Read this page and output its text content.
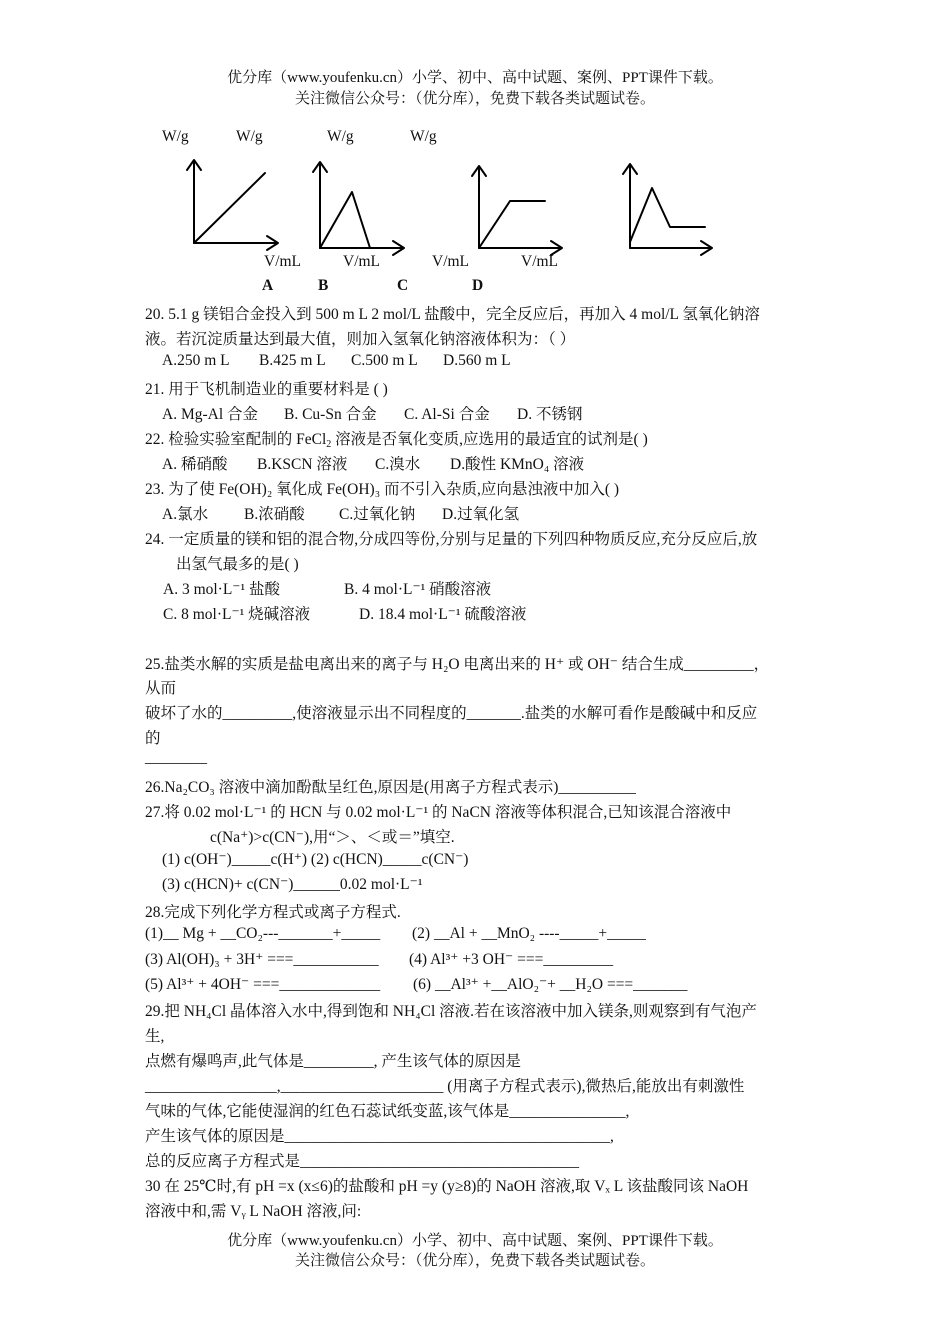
优分库（www.youfenku.cn）小学、初中、高中试题、案例、PPT课件下载。
关注微信公众号：（优分库），免费下载各类试题试卷。
W/g	W/g	W/g	W/g
V/mL	V/mL	V/mL	V/mL
A	B	C	D
20. 5.1 g 镁铝合金投入到 500 m L 2 mol/L 盐酸中，完全反应后，再加入 4 mol/L 氢氧化钠溶
液。若沉淀质量达到最大值，则加入氢氧化钠溶液体积为：（ ）
A.250 m L B.425 m L C.500 m L D.560 m L
21. 用于飞机制造业的重要材料是 ( )
A. Mg-Al 合金 B. Cu-Sn 合金 C. Al-Si 合金 D. 不锈钢
22. 检验实验室配制的 FeCl$_2$ 溶液是否氧化变质,应选用的最适宜的试剂是( )
A. 稀硝酸 B.KSCN 溶液 C.溴水 D.酸性 KMnO₄ 溶液
23. 为了使 Fe(OH)₂ 氧化成 Fe(OH)₃ 而不引入杂质,应向悬浊液中加入( )
A.氯水 B.浓硝酸 C.过氧化钠 D.过氧化氢
24. 一定质量的镁和铝的混合物,分成四等份,分别与足量的下列四种物质反应,充分反应后,放
出氢气最多的是( )
A. 3 mol·L⁻¹ 盐酸	B. 4 mol·L⁻¹ 硝酸溶液
C. 8 mol·L⁻¹ 烧碱溶液	D. 18.4 mol·L⁻¹ 硫酸溶液
25.盐类水解的实质是盐电离出来的离子与 H₂O 电离出来的 H⁺ 或 OH⁻ 结合生成_________，
从而
破坏了水的_________,使溶液显示出不同程度的_______.盐类的水解可看作是酸碱中和反应
的
________
26.Na₂CO₃ 溶液中滴加酚酞呈红色,原因是(用离子方程式表示)__________
27.将 0.02 mol·L⁻¹ 的 HCN 与 0.02 mol·L⁻¹ 的 NaCN 溶液等体积混合,已知该混合溶液中
c(Na⁺)>c(CN⁻),用“＞、＜或＝”填空.
(1) c(OH⁻)_____c(H⁺) (2) c(HCN)_____c(CN⁻)
(3) c(HCN)+ c(CN⁻)______0.02 mol·L⁻¹
28.完成下列化学方程式或离子方程式.
(1)__ Mg + __CO₂---_______+_____ (2) __Al + __MnO₂ ----_____+_____
(3) Al(OH)₃ + 3H⁺ ===___________ (4) Al³⁺ +3 OH⁻ ===_________
(5) Al³⁺ + 4OH⁻ ===_____________ (6) __Al³⁺ +__AlO₂⁻+ __H₂O ===_______
29.把 NH₄Cl 晶体溶入水中,得到饱和 NH₄Cl 溶液.若在该溶液中加入镁条,则观察到有气泡产
生,
点燃有爆鸣声,此气体是_________, 产生该气体的原因是
_________________,_____________________ (用离子方程式表示),微热后,能放出有刺激性
气味的气体,它能使湿润的红色石蕊试纸变蓝,该气体是_______________,
产生该气体的原因是__________________________________________,
总的反应离子方程式是____________________________________
30 在 25℃时,有 pH =x (x≤6)的盐酸和 pH =y (y≥8)的 NaOH 溶液,取 Vₓ L 该盐酸同该 NaOH
溶液中和,需 Vᵧ L NaOH 溶液,问:
优分库（www.youfenku.cn）小学、初中、高中试题、案例、PPT课件下载。
关注微信公众号：（优分库），免费下载各类试题试卷。
